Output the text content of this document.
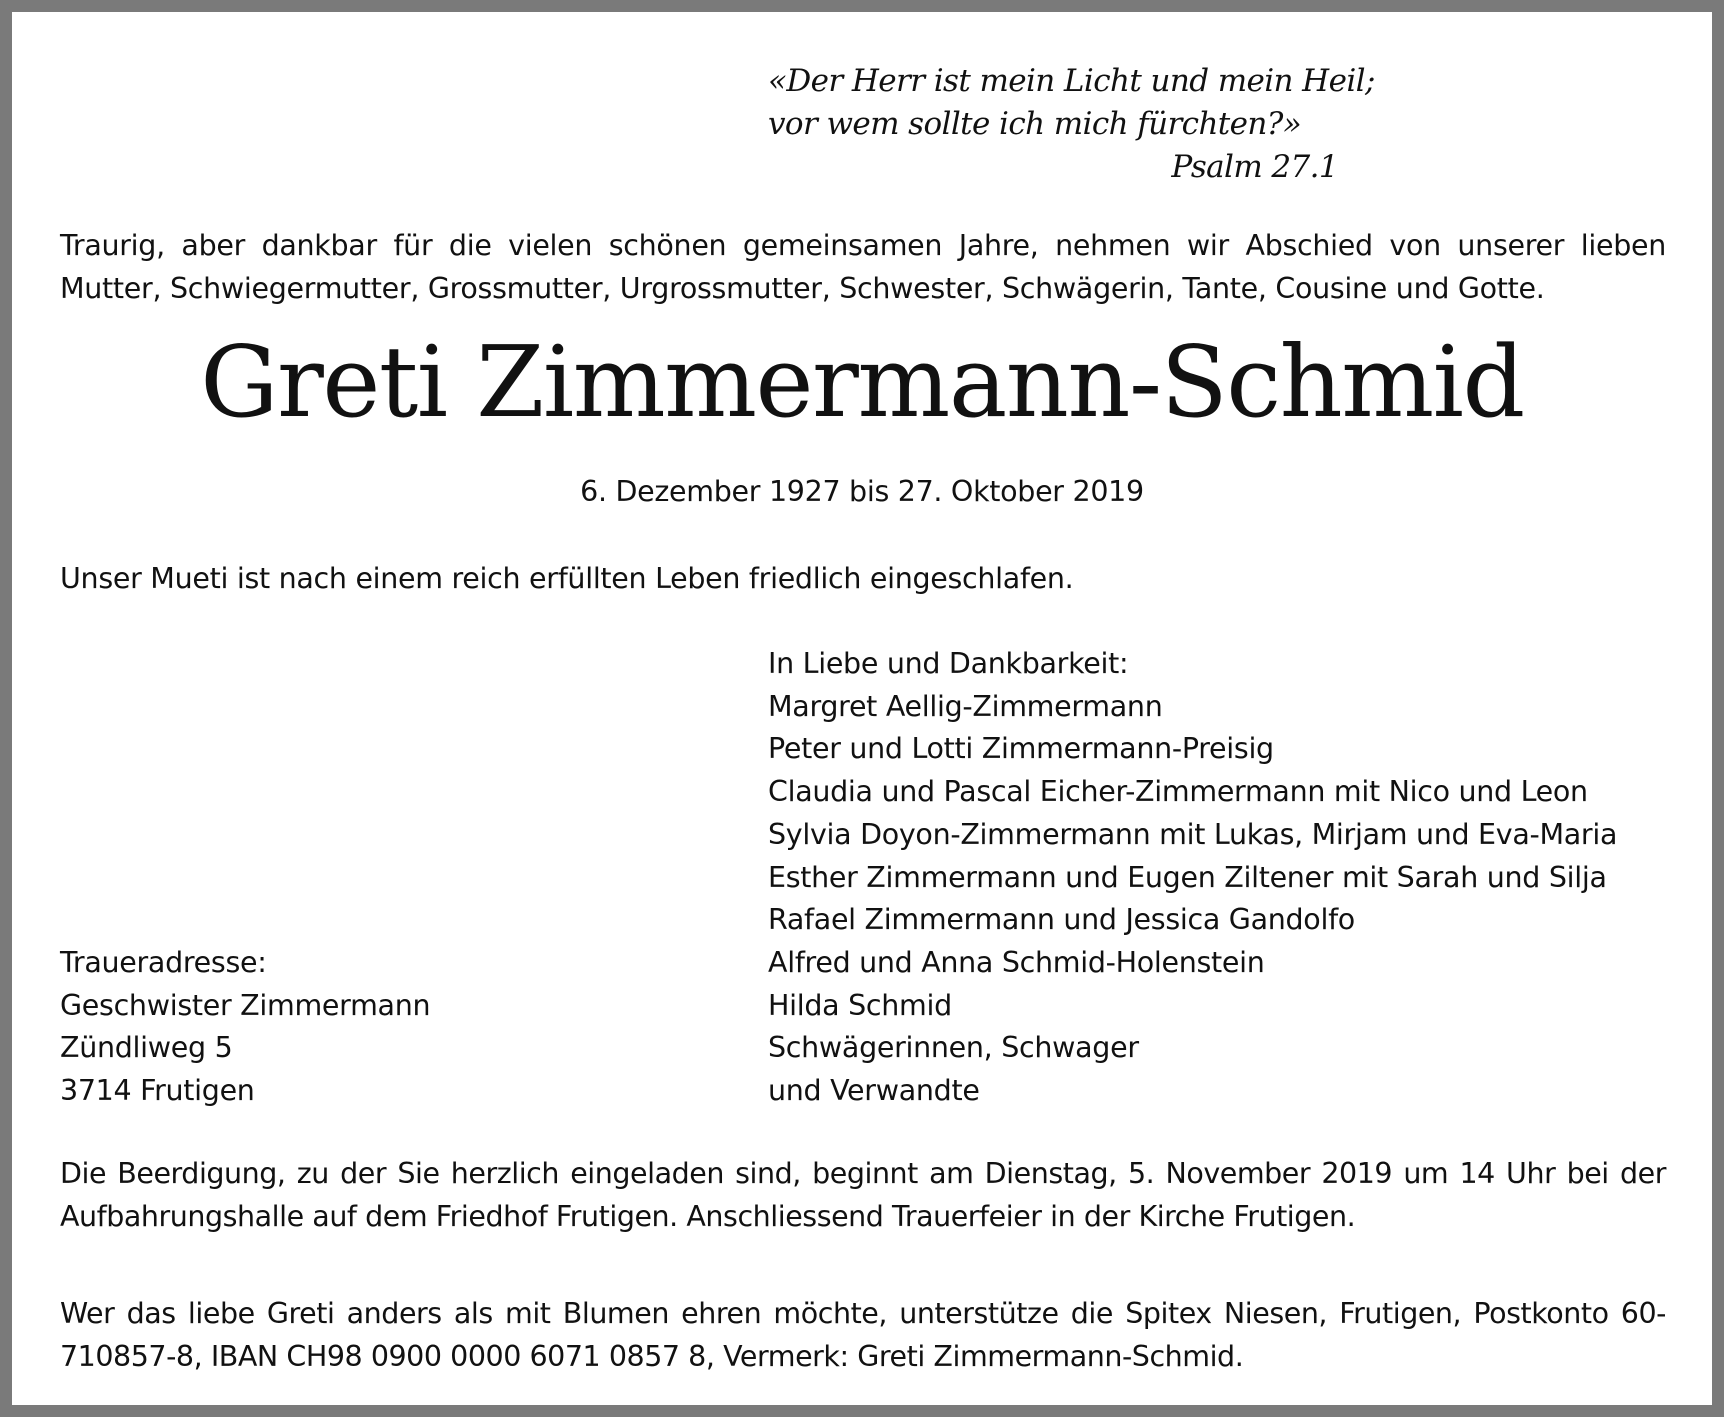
«Der Herr ist mein Licht und mein Heil;
vor wem sollte ich mich fürchten?»
Psalm 27.1
Traurig, aber dankbar für die vielen schönen gemeinsamen Jahre, nehmen wir Abschied von unserer lieben Mutter, Schwiegermutter, Grossmutter, Urgrossmutter, Schwester, Schwägerin, Tante, Cousine und Gotte.
Greti Zimmermann-Schmid
6. Dezember 1927 bis 27. Oktober 2019
Unser Mueti ist nach einem reich erfüllten Leben friedlich eingeschlafen.
In Liebe und Dankbarkeit:
Margret Aellig-Zimmermann
Peter und Lotti Zimmermann-Preisig
Claudia und Pascal Eicher-Zimmermann mit Nico und Leon
Sylvia Doyon-Zimmermann mit Lukas, Mirjam und Eva-Maria
Esther Zimmermann und Eugen Ziltener mit Sarah und Silja
Rafael Zimmermann und Jessica Gandolfo
Alfred und Anna Schmid-Holenstein
Hilda Schmid
Schwägerinnen, Schwager
und Verwandte
Traueradresse:
Geschwister Zimmermann
Zündliweg 5
3714 Frutigen
Die Beerdigung, zu der Sie herzlich eingeladen sind, beginnt am Dienstag, 5. November 2019 um 14 Uhr bei der Aufbahrungshalle auf dem Friedhof Frutigen. Anschliessend Trauerfeier in der Kirche Frutigen.
Wer das liebe Greti anders als mit Blumen ehren möchte, unterstütze die Spitex Niesen, Frutigen, Postkonto 60-710857-8, IBAN CH98 0900 0000 6071 0857 8, Vermerk: Greti Zimmermann-Schmid.
